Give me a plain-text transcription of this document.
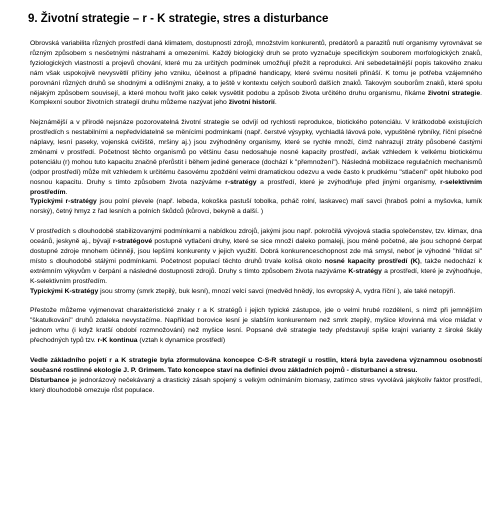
9. Životní strategie – r - K strategie, stres a disturbance

Obrovská variabilita různých prostředí daná klimatem, dostupností zdrojů, množstvím konkurentů, predátorů a parazitů nutí organismy vyrovnávat se různým způsobem s nesčetnými nástrahami a omezeními. Každý biologický druh se proto vyznačuje specifickým souborem morfologických znaků, fyziologických vlastností a projevů chování, které mu za určitých podmínek umožňují přežít a reprodukci. Ani sebedetailnější popis takového znaku nám však uspokojivě nevysvětlí příčiny jeho vzniku, účelnost a případné handicapy, které svému nositeli přináší. K tomu je potřeba vzájemného porovnání různých druhů se shodnými a odlišnými znaky, a to ještě v kontextu celých souborů dalších znaků. Takovým souborům znaků, které spolu nějakým způsobem souvisejí, a které mohou tvořit jako celek vysvětlit podobu a způsob života určitého druhu organismu, říkáme životní strategie. Komplexní soubor životních strategií druhu můžeme nazývat jeho životní historií.

Nejznámější a v přírodě nejsnáze pozorovatelná životní strategie se odvíjí od rychlosti reprodukce, biotického potenciálu. V krátkodobě existujících prostředích s nestabilními a nepředvídatelně se měnícími podmínkami (např. čerstvé výsypky, vychladlá lávová pole, vypuštěné rybníky, říční písečné náplavy, lesní paseky, vojenská cvičiště, mršiny aj.) jsou zvýhodněny organismy, které se rychle množí, čímž nahrazují ztráty působené častými změnami v prostředí. Početnost těchto organismů po většinu času nedosahuje nosné kapacity prostředí, avšak vzhledem k velkému biotickému potenciálu (r) mohou tuto kapacitu značně přerůstit i během jediné generace (dochází k "přemnožení"). Následná mobilizace regulačních mechanismů (odpor prostředí) může mít vzhledem k určitému časovému zpoždění velmi dramatickou odezvu a vede často k prudkému "stlačení" opět hluboko pod nosnou kapacitu. Druhy s tímto způsobem života nazýváme r-stratégy a prostředí, které je zvýhodňuje před jinými organismy, r-selektivním prostředím.

Typickými r-stratégy jsou polní plevele (např. lebeda, kokoška pastuší tobolka, pcháč rolní, laskavec) malí savci (hraboš polní a myšovka, lumík norský), četný hmyz z řad lesních a polních škůdců (kůrovci, bekyně a další. )

V prostředích s dlouhodobě stabilizovanými podmínkami a nabídkou zdrojů, jakými jsou např. pokročilá vývojová stadia společenstev, tzv. klimax, dna oceánů, jeskyně aj., bývají r-stratégové postupně vytlačeni druhy, které se sice množí daleko pomaleji, jsou méně početné, ale jsou schopné čerpat dostupné zdroje mnohem účinněji, jsou lepšími konkurenty v jejich využití. Dobrá konkurenceschopnost zde má smysl, neboť je výhodné "hlídat si" místo s dlouhodobě stálými podmínkami. Početnost populací těchto druhů trvale kolísá okolo nosné kapacity prostředí (K), takže nedochází k extrémním výkyvům v čerpání a následné dostupnosti zdrojů. Druhy s tímto způsobem života nazýváme K-stratégy a prostředí, které je zvýhodňuje, K-selektivním prostředím.

Typickými K-stratégy jsou stromy (smrk ztepilý, buk lesní), mnozí velcí savci (medvěd hnědý, los evropský A, vydra říční ), ale také netopýři.

Přestože můžeme vyjmenovat charakteristické znaky r a K stratégů i jejich typické zástupce, jde o velmi hrubé rozdělení, s nímž při jemnějším "škatulkování" druhů zdaleka nevystačíme. Například borovice lesní je slabším konkurentem než smrk ztepilý, myšice křovinná má více mláďat v jednom vrhu (i když kratší období rozmnožování) než myšice lesní. Popsané dvě strategie tedy představují spíše krajní varianty z široké škály přechodných typů tzv. r-K kontinua (vztah k dynamice prostředí)

Vedle základního pojetí r a K strategie byla zformulována koncepce C-S-R strategií u rostlin, která byla zavedena významnou osobností současné rostlinné ekologie J. P. Grimem. Tato koncepce staví na definici dvou základních pojmů - disturbanci a stresu.

Disturbance je jednorázový nečekávaný a drastický zásah spojený s velkým odnímáním biomasy, zatímco stres vyvolává jakýkoliv faktor prostředí, který dlouhodobě omezuje růst populace.
